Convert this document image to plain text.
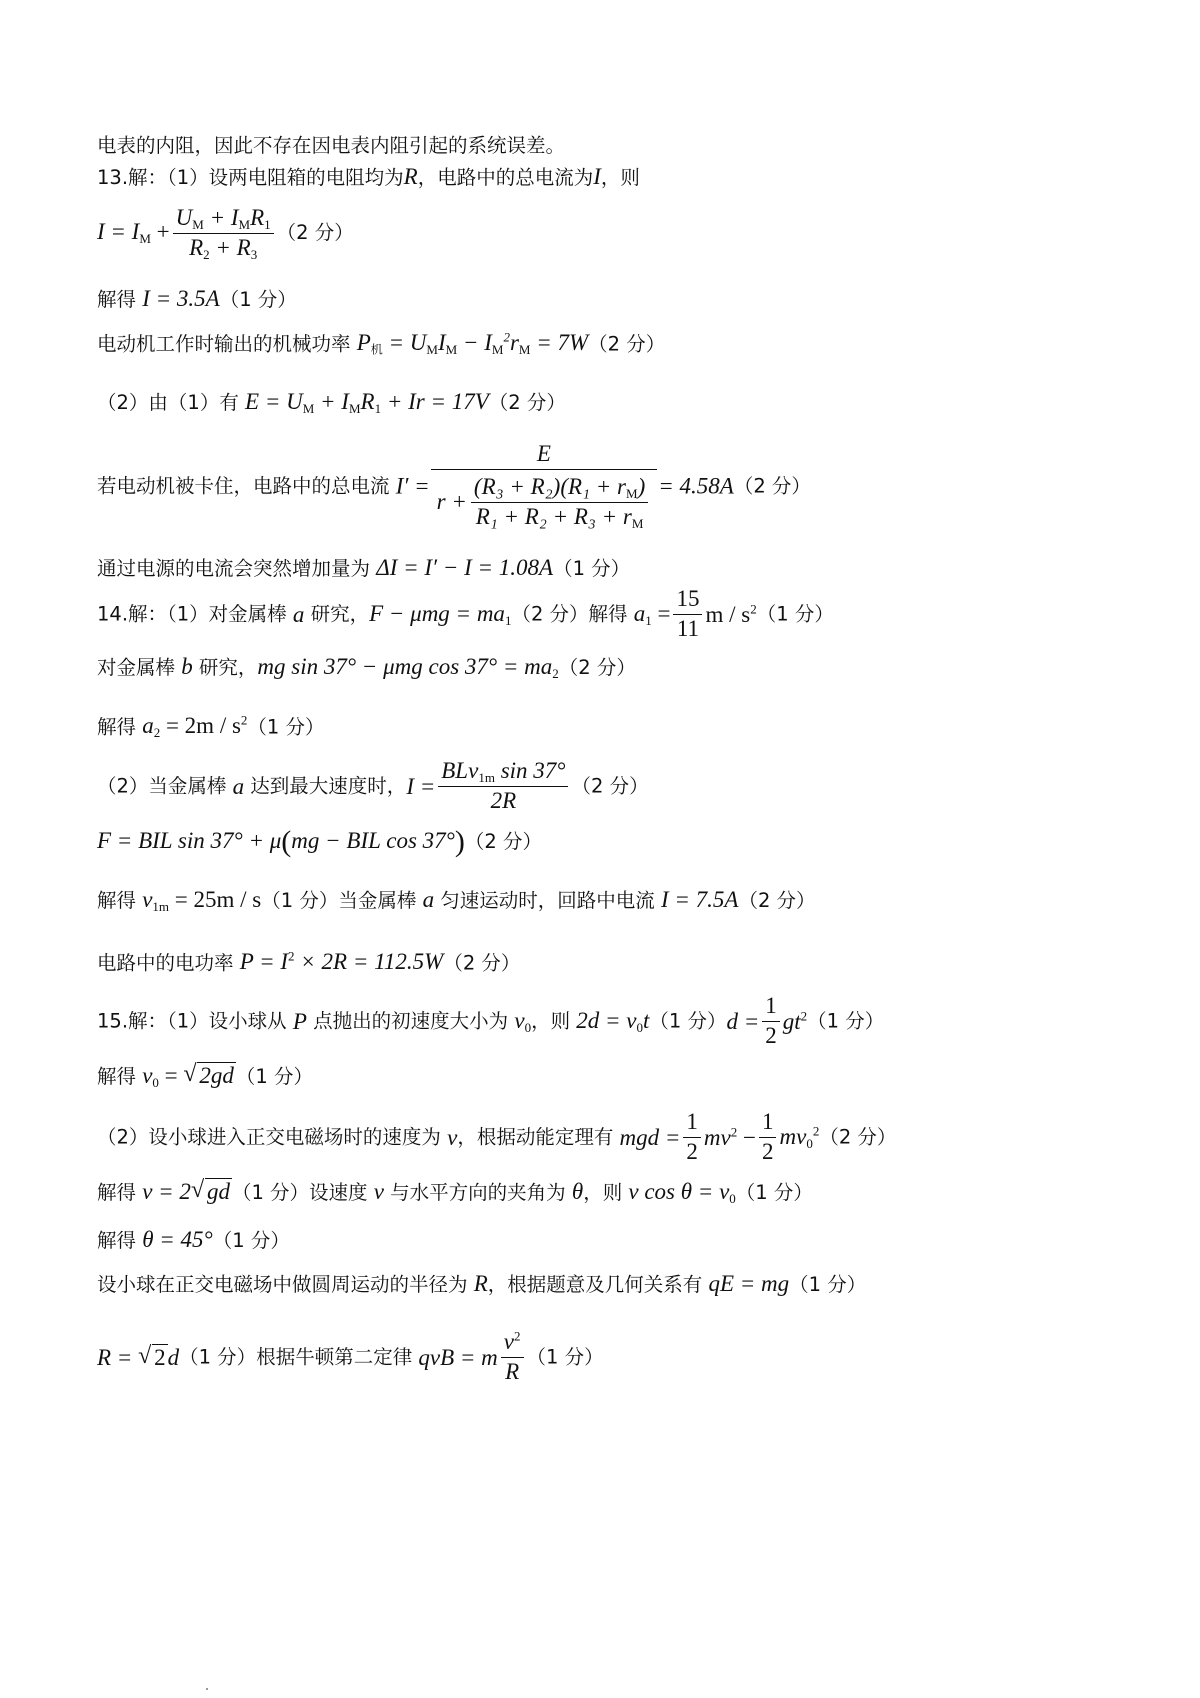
电表的内阻，因此不存在因电表内阻引起的系统误差。
13.解：（1）设两电阻箱的电阻均为R，电路中的总电流为I，则
$I = I_M + \frac{U_M + I_MR_1}{R_2 + R_3} (2$ 分）
解得 I = 3.5A（1 分）
电动机工作时输出的机械功率 $P_机 = U_MI_M - I_M^2r_M = 7W(2$ 分）
（2）由（1）有 $E = U_M + I_MR_1 + Ir = 17V(2$ 分）
若电动机被卡住，电路中的总电流 $I' = \frac{E}{r + \frac{(R_3 + R_2)(R_1 + r_M)}{R_1 + R_2 + R_3 + r_M}} = 4.58A(2$ 分）
通过电源的电流会突然增加量为 ΔI = I′ − I = 1.08A（1 分）
14.解：（1）对金属棒 a 研究，$F - \mu mg = ma_1(2$ 分）解得 $a_1 = \frac{15}{11}$ m / $s^2(1$ 分）
对金属棒 b 研究，mg sin 37° − μmg $\cos 37^\circ = ma_2(2$ 分）
解得 $a_2 = 2m / s^2(1$ 分）
（2）当金属棒 a 达到最大速度时，$I = \frac{BLv_{1m} \sin 37^\circ}{2R} (2$ 分）
F = BIL sin 37° + μ(mg − BIL cos 37°)（2 分）
解得 $v_{1m} = 25m / s(1$ 分）当金属棒 a 匀速运动时，回路中电流 I = 7.5A（2 分）
电路中的电功率 $P = I^2 \times 2R = 112.5W(2$ 分）
15.解：（1）设小球从 P 点抛出的初速度大小为 $v_0$，则 $2d = v_0t(1$ 分）$d = \frac{1}{2} gt^2(1$ 分）
解得 $v_0$ = √ 2gd （1 分）
（2）设小球进入正交电磁场时的速度为 v，根据动能定理有 mgd = $\frac{1}{2} mv^2 - \frac{1}{2} mv_0^2(2$ 分）
解得 v = 2 √ gd （1 分）设速度 v 与水平方向的夹角为 θ，则 v $\cos \theta = v_0(1$ 分）
解得 θ = 45°（1 分）
设小球在正交电磁场中做圆周运动的半径为 R，根据题意及几何关系有 qE = mg（1 分）
R = √ 2d（1 分）根据牛顿第二定律 qvB = m $\frac{v^2}{R} (1$ 分）
